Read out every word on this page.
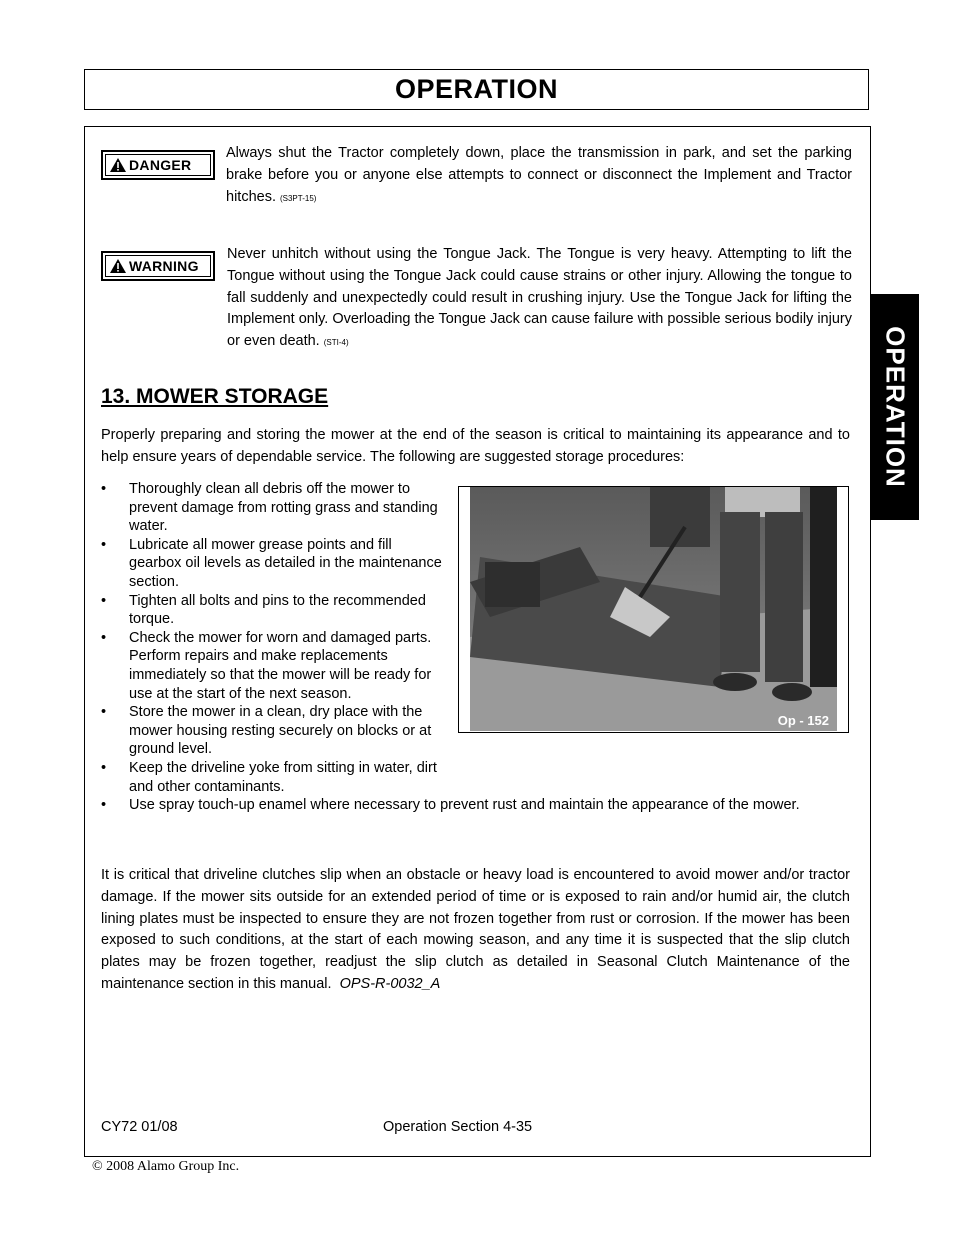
OPERATION
OPERATION
DANGER
Always shut the Tractor completely down, place the transmission in park, and set the parking brake before you or anyone else attempts to connect or disconnect the Implement and Tractor hitches. (S3PT-15)
WARNING
Never unhitch without using the Tongue Jack. The Tongue is very heavy. Attempting to lift the Tongue without using the Tongue Jack could cause strains or other injury. Allowing the tongue to fall suddenly and unexpectedly could result in crushing injury. Use the Tongue Jack for lifting the Implement only. Overloading the Tongue Jack can cause failure with possible serious bodily injury or even death. (STI-4)
13. MOWER STORAGE
Properly preparing and storing the mower at the end of the season is critical to maintaining its appearance and to help ensure years of dependable service. The following are suggested storage procedures:
Op - 152
• Thoroughly clean all debris off the mower to prevent damage from rotting grass and standing water.
• Lubricate all mower grease points and fill gearbox oil levels as detailed in the maintenance section.
• Tighten all bolts and pins to the recommended torque.
• Check the mower for worn and damaged parts. Perform repairs and make replacements immediately so that the mower will be ready for use at the start of the next season.
• Store the mower in a clean, dry place with the mower housing resting securely on blocks or at ground level.
• Keep the driveline yoke from sitting in water, dirt and other contaminants.
• Use spray touch-up enamel where necessary to prevent rust and maintain the appearance of the mower.
It is critical that driveline clutches slip when an obstacle or heavy load is encountered to avoid mower and/or tractor damage. If the mower sits outside for an extended period of time or is exposed to rain and/or humid air, the clutch lining plates must be inspected to ensure they are not frozen together from rust or corrosion. If the mower has been exposed to such conditions, at the start of each mowing season, and any time it is suspected that the slip clutch plates may be frozen together, readjust the slip clutch as detailed in Seasonal Clutch Maintenance of the maintenance section in this manual. OPS-R-0032_A
CY72 01/08	Operation Section 4-35
© 2008 Alamo Group Inc.
